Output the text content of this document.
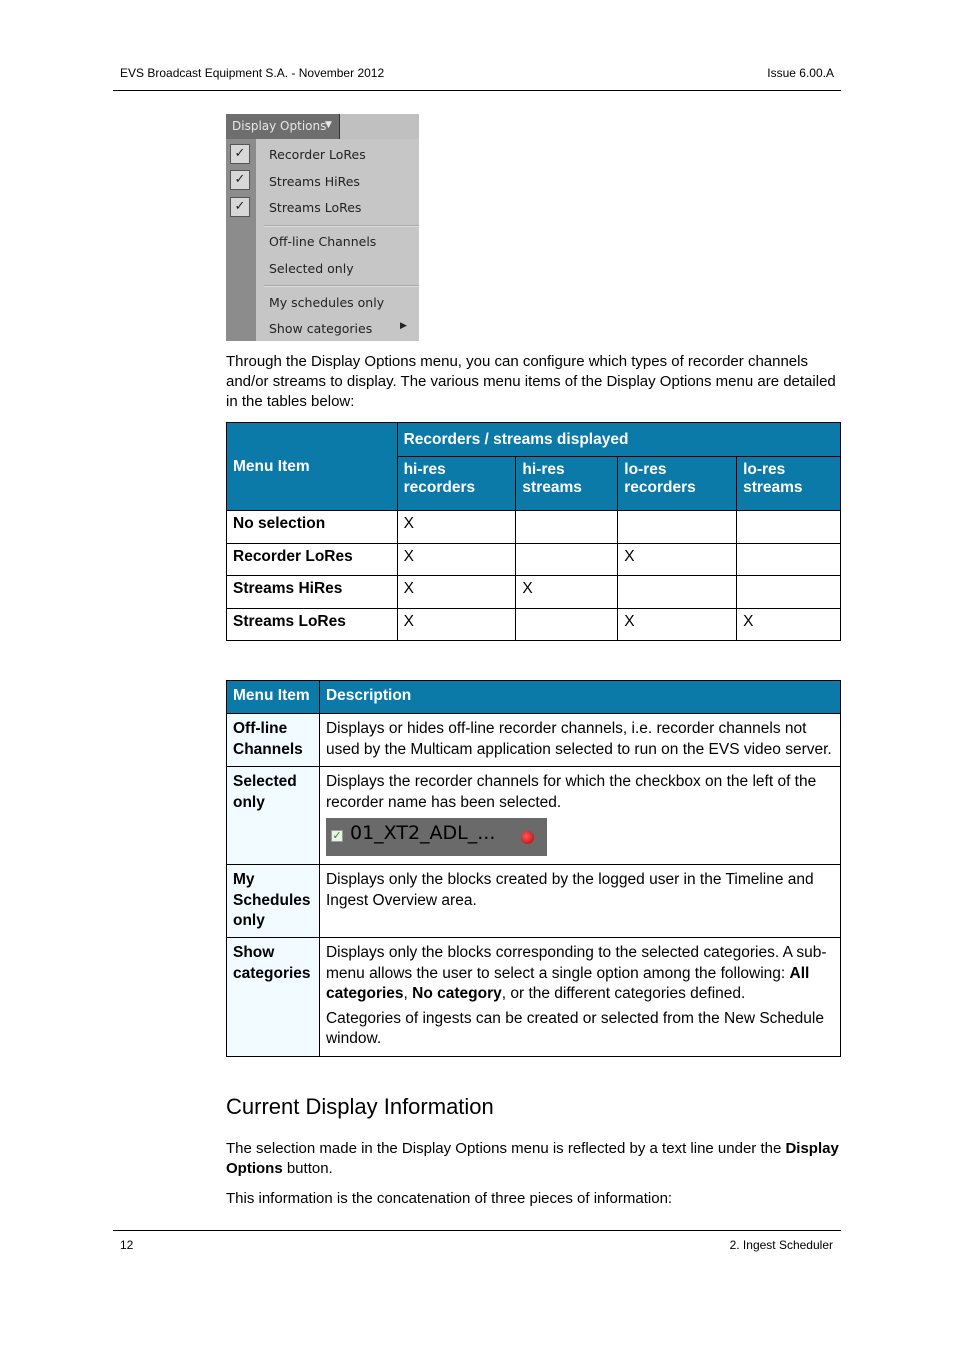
EVS Broadcast Equipment S.A. - November 2012	Issue 6.00.A
Display Options
▼
✓	Recorder LoRes
✓	Streams HiRes
✓	Streams LoRes
Off-line Channels
Selected only
My schedules only
Show categories	▶
Through the Display Options menu, you can configure which types of recorder channels and/or streams to display. The various menu items of the Display Options menu are detailed in the tables below:
Menu Item	Recorders / streams displayed			
	hi-res recorders	hi-res streams	lo-res recorders	lo-res streams
No selection	X			
Recorder LoRes	X		X	
Streams HiRes	X	X		
Streams LoRes	X		X	X
Menu Item	Description
Off-line Channels	Displays or hides off-line recorder channels, i.e. recorder channels not used by the Multicam application selected to run on the EVS video server.
Selected only	Displays the recorder channels for which the checkbox on the left of the recorder name has been selected.

✓ 01_XT2_ADL_...

My Schedules only	Displays only the blocks created by the logged user in the Timeline and Ingest Overview area.
Show categories	Displays only the blocks corresponding to the selected categories. A sub-menu allows the user to select a single option among the following: All categories, No category, or the different categories defined.

Categories of ingests can be created or selected from the New Schedule window.

Current Display Information
The selection made in the Display Options menu is reflected by a text line under the Display Options button.
This information is the concatenation of three pieces of information:
12	2. Ingest Scheduler
